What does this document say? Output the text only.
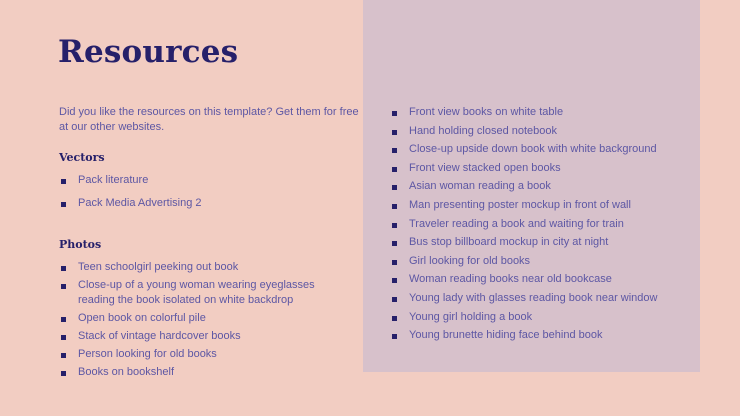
Resources

Did you like the resources on this template? Get them for free at our other websites.

Vectors
Pack literature
Pack Media Advertising 2
Photos
Teen schoolgirl peeking out book
Close-up of a young woman wearing eyeglasses reading the book isolated on white backdrop
Open book on colorful pile
Stack of vintage hardcover books
Person looking for old books
Books on bookshelf
Front view books on white table
Hand holding closed notebook
Close-up upside down book with white background
Front view stacked open books
Asian woman reading a book
Man presenting poster mockup in front of wall
Traveler reading a book and waiting for train
Bus stop billboard mockup in city at night
Girl looking for old books
Woman reading books near old bookcase
Young lady with glasses reading book near window
Young girl holding a book
Young brunette hiding face behind book
